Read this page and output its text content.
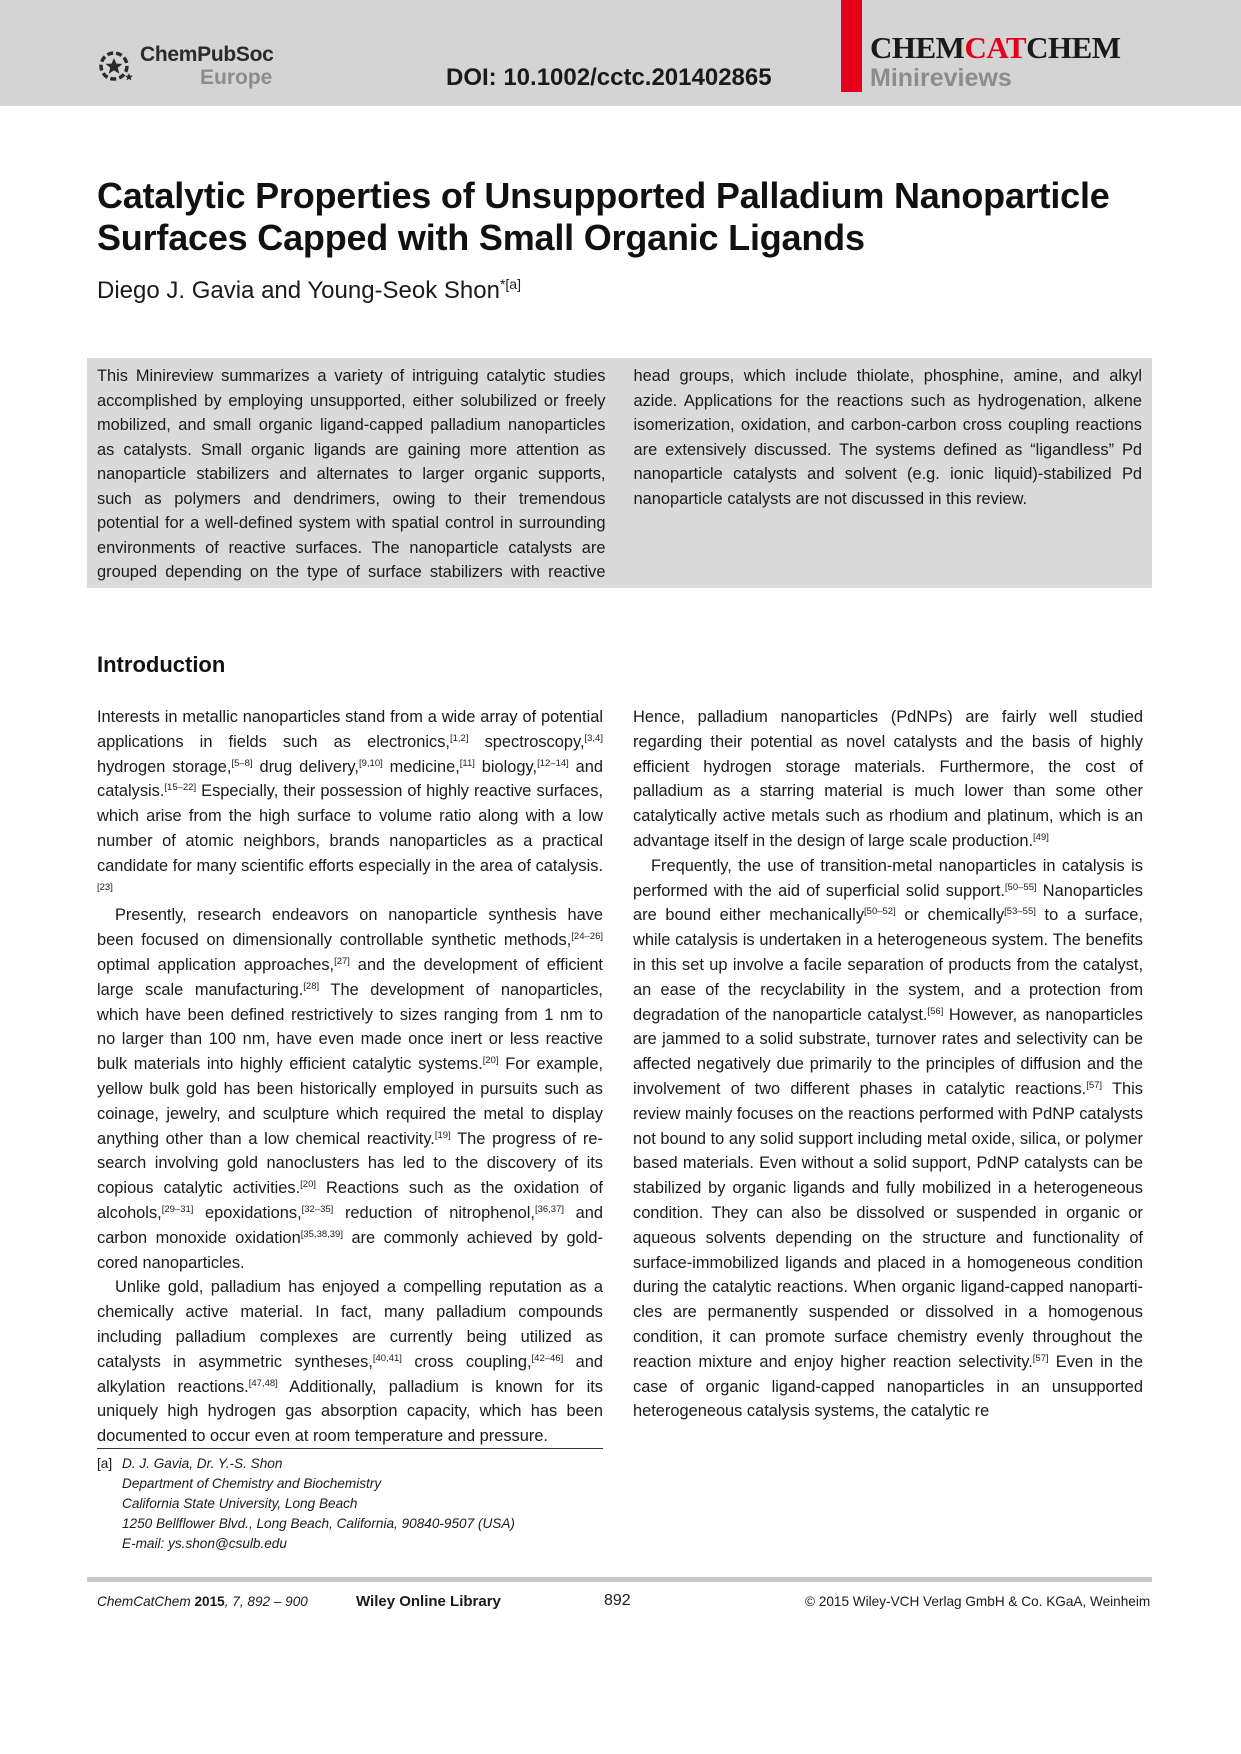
ChemPubSoc
Europe	DOI: 10.1002/cctc.201402865
CHEMCATCHEM
Minireviews
Catalytic Properties of Unsupported Palladium Nanoparticle Surfaces Capped with Small Organic Ligands
Diego J. Gavia and Young-Seok Shon$^{*[a]}$
This Minireview summarizes a variety of intriguing catalytic studies accomplished by employing unsupported, either solubilized or freely mobilized, and small organic ligand-capped palladium nanoparticles as catalysts. Small organic ligands are gaining more attention as nanoparticle stabilizers and alternates to larger organic supports, such as polymers and dendrimers, owing to their tremendous potential for a well-defined system with spatial control in surrounding environments of reactive surfaces. The nanoparticle catalysts are grouped depending on the type of surface stabilizers with reactive head groups, which include thiolate, phosphine, amine, and alkyl azide. Applications for the reactions such as hydrogenation, alkene isomerization, oxidation, and carbon-carbon cross coupling reactions are extensively discussed. The systems defined as “ligandless” Pd nanoparticle catalysts and solvent (e.g. ionic liquid)-stabilized Pd nanoparticle catalysts are not discussed in this review.
Introduction

Interests in metallic nanoparticles stand from a wide array of potential applications in fields such as electronics,[1,2] spectroscopy,[3,4] hydrogen storage,[5–8] drug delivery,[9,10] medicine,[11] biology,[12–14] and catalysis.[15–22] Especially, their possession of highly reactive surfaces, which arise from the high surface to volume ratio along with a low number of atomic neighbors, brands nanoparticles as a practical candidate for many scientific efforts especially in the area of catalysis.[23]

Presently, research endeavors on nanoparticle synthesis have been focused on dimensionally controllable synthetic methods,[24–26] optimal application approaches,[27] and the development of efficient large scale manufacturing.[28] The development of nanoparticles, which have been defined restrictively to sizes ranging from 1 nm to no larger than 100 nm, have even made once inert or less reactive bulk materials into highly efficient catalytic systems.[20] For example, yellow bulk gold has been historically employed in pursuits such as coinage, jewelry, and sculpture which required the metal to display anything other than a low chemical reactivity.[19] The progress of research involving gold nanoclusters has led to the discovery of its copious catalytic activities.[20] Reactions such as the oxidation of alcohols,[29–31] epoxidations,[32–35] reduction of nitrophenol,[36,37] and carbon monoxide oxidation[35,38,39] are commonly achieved by gold-cored nanoparticles.

Unlike gold, palladium has enjoyed a compelling reputation as a chemically active material. In fact, many palladium compounds including palladium complexes are currently being utilized as catalysts in asymmetric syntheses,[40,41] cross coupling,[42–46] and alkylation reactions.[47,48] Additionally, palladium is known for its uniquely high hydrogen gas absorption capacity, which has been documented to occur even at room temperature and pressure.

Hence, palladium nanoparticles (PdNPs) are fairly well studied regarding their potential as novel catalysts and the basis of highly efficient hydrogen storage materials. Furthermore, the cost of palladium as a starring material is much lower than some other catalytically active metals such as rhodium and platinum, which is an advantage itself in the design of large scale production.[49]

Frequently, the use of transition-metal nanoparticles in catalysis is performed with the aid of superficial solid support.[50–55] Nanoparticles are bound either mechanically[50–52] or chemically[53–55] to a surface, while catalysis is undertaken in a heterogeneous system. The benefits in this set up involve a facile separation of products from the catalyst, an ease of the recyclability in the system, and a protection from degradation of the nanoparticle catalyst.[56] However, as nanoparticles are jammed to a solid substrate, turnover rates and selectivity can be affected negatively due primarily to the principles of diffusion and the involvement of two different phases in catalytic reactions.[57] This review mainly focuses on the reactions performed with PdNP catalysts not bound to any solid support including metal oxide, silica, or polymer based materials. Even without a solid support, PdNP catalysts can be stabilized by organic ligands and fully mobilized in a heterogeneous condition. They can also be dissolved or suspended in organic or aqueous solvents depending on the structure and functionality of surface-immobilized ligands and placed in a homogeneous condition during the catalytic reactions. When organic ligand-capped nanoparticles are permanently suspended or dissolved in a homogenous condition, it can promote surface chemistry evenly throughout the reaction mixture and enjoy higher reaction selectivity.[57] Even in the case of organic ligand-capped nanoparticles in an unsupported heterogeneous catalysis systems, the catalytic re

[a] D. J. Gavia, Dr. Y.-S. Shon
Department of Chemistry and Biochemistry
California State University, Long Beach
1250 Bellflower Blvd., Long Beach, California, 90840-9507 (USA)
E-mail: ys.shon@csulb.edu
ChemCatChem 2015, 7, 892 – 900	Wiley Online Library	892	© 2015 Wiley-VCH Verlag GmbH & Co. KGaA, Weinheim
